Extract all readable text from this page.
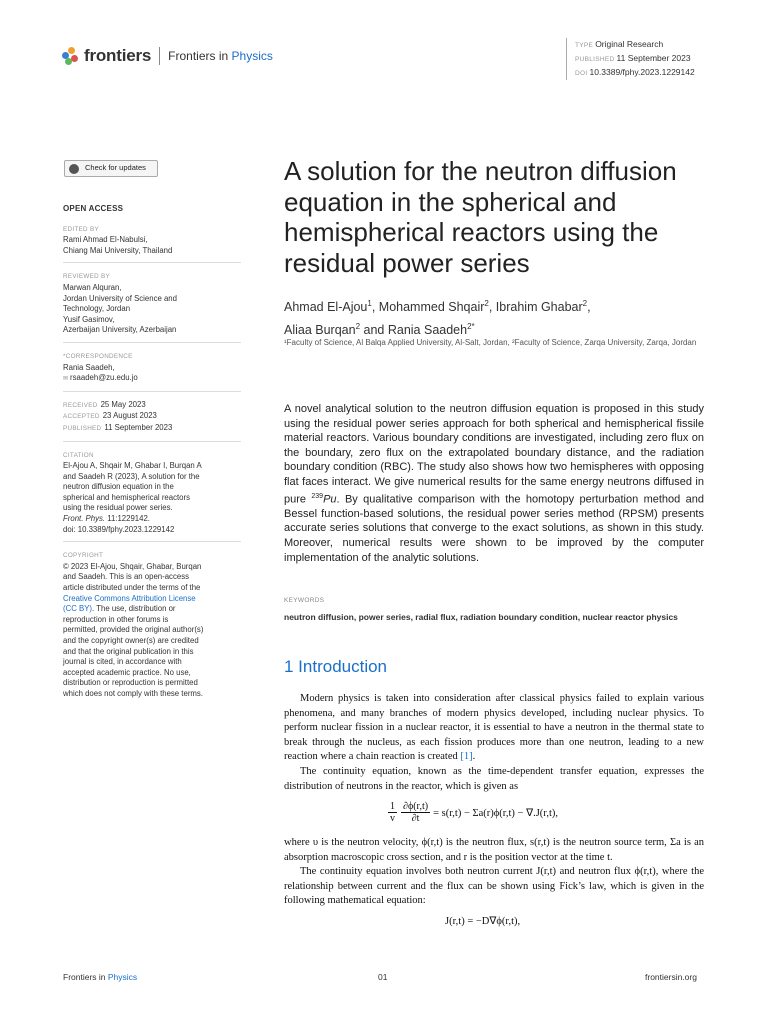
frontiers Frontiers in Physics
TYPE Original Research
PUBLISHED 11 September 2023
DOI 10.3389/fphy.2023.1229142
Check for updates
OPEN ACCESS
EDITED BY
Rami Ahmad El-Nabulsi,
Chiang Mai University, Thailand
REVIEWED BY
Marwan Alquran,
Jordan University of Science and
Technology, Jordan
Yusif Gasimov,
Azerbaijan University, Azerbaijan
*CORRESPONDENCE
Rania Saadeh,
✉ rsaadeh@zu.edu.jo
RECEIVED 25 May 2023
ACCEPTED 23 August 2023
PUBLISHED 11 September 2023
CITATION
El-Ajou A, Shqair M, Ghabar I, Burqan A
and Saadeh R (2023), A solution for the
neutron diffusion equation in the
spherical and hemispherical reactors
using the residual power series.
Front. Phys. 11:1229142.
doi: 10.3389/fphy.2023.1229142
COPYRIGHT
© 2023 El-Ajou, Shqair, Ghabar, Burqan
and Saadeh. This is an open-access
article distributed under the terms of the
Creative Commons Attribution License
(CC BY). The use, distribution or
reproduction in other forums is
permitted, provided the original author(s)
and the copyright owner(s) are credited
and that the original publication in this
journal is cited, in accordance with
accepted academic practice. No use,
distribution or reproduction is permitted
which does not comply with these terms.
A solution for the neutron diffusion equation in the spherical and hemispherical reactors using the residual power series
Ahmad El-Ajou$^1$, Mohammed Shqair$^2$, Ibrahim Ghabar$^2$,
Aliaa Burqan$^2$ and Rania Saadeh$^{2*}$
¹Faculty of Science, Al Balqa Applied University, Al-Salt, Jordan, ²Faculty of Science, Zarqa University, Zarqa, Jordan
A novel analytical solution to the neutron diffusion equation is proposed in this study using the residual power series approach for both spherical and hemispherical fissile material reactors. Various boundary conditions are investigated, including zero flux on the boundary, zero flux on the extrapolated boundary distance, and the radiation boundary condition (RBC). The study also shows how two hemispheres with opposing flat faces interact. We give numerical results for the same energy neutrons diffused in pure $^{239}$Pu. By qualitative comparison with the homotopy perturbation method and Bessel function-based solutions, the residual power series method (RPSM) presents accurate series solutions that converge to the exact solutions, as shown in this study. Moreover, numerical results were shown to be improved by the computer implementation of the analytic solutions.
KEYWORDS
neutron diffusion, power series, radial flux, radiation boundary condition, nuclear reactor physics
1 Introduction

Modern physics is taken into consideration after classical physics failed to explain various phenomena, and many branches of modern physics developed, including nuclear physics. To perform nuclear fission in a nuclear reactor, it is essential to have a neutron in the thermal state to break through the nucleus, as each fission produces more than one neutron, leading to a new reaction where a chain reaction is created [1].

The continuity equation, known as the time-dependent transfer equation, expresses the distribution of neutrons in the reactor, which is given as

$\frac{1}{v} \frac{\partial\phi(r,t)}{\partial t} = s(r,t) - \Sigma a(r)\phi(r,t) - \nabla.J(r,t)$,

where υ is the neutron velocity, ϕ(r,t) is the neutron flux, s(r,t) is the neutron source term, Σa is an absorption macroscopic cross section, and r is the position vector at the time t.

The continuity equation involves both neutron current J(r,t) and neutron flux ϕ(r,t), where the relationship between current and the flux can be shown using Fick’s law, which is given in the following mathematical equation:

J(r,t) = −D∇ϕ(r,t),
Frontiers in Physics	01	frontiersin.org
